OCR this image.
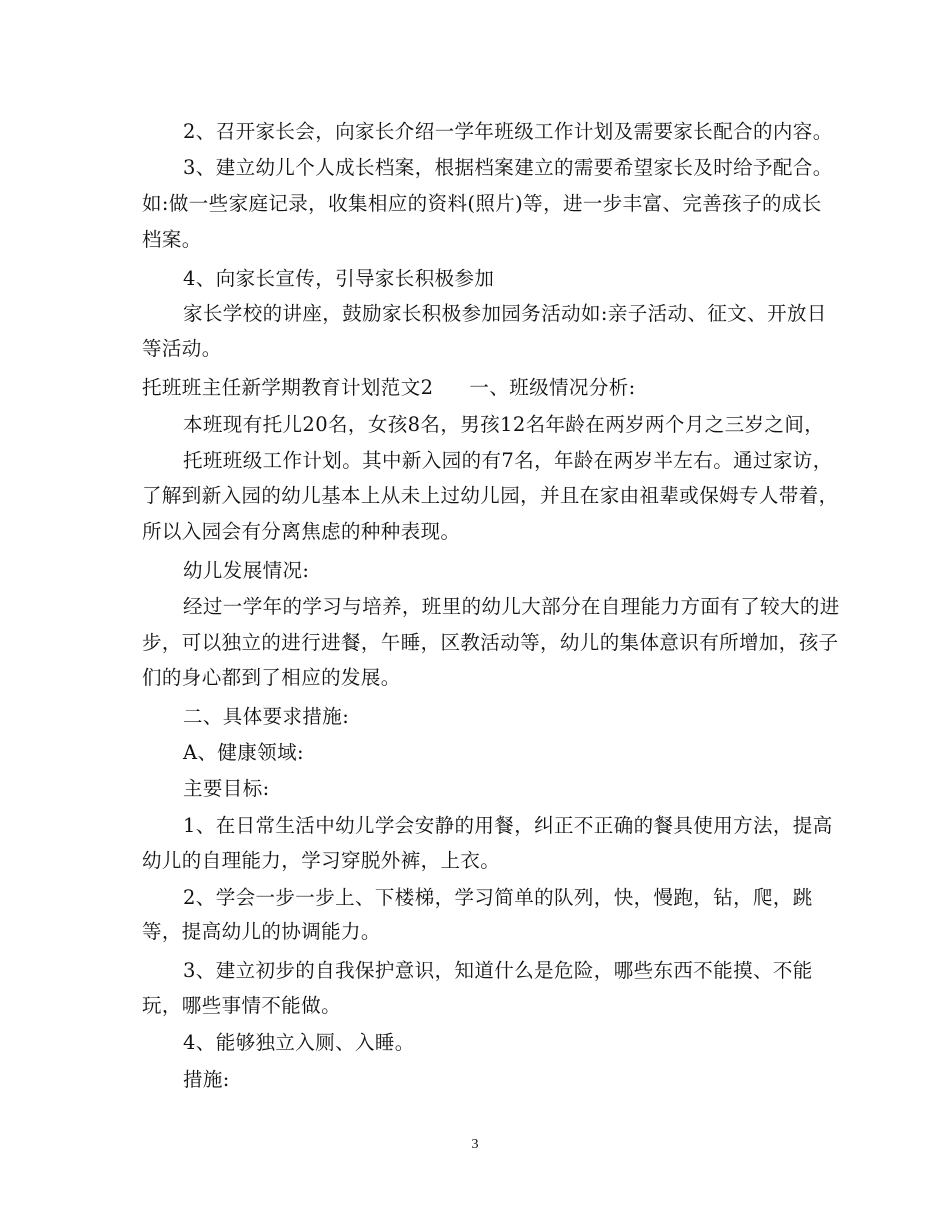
2、召开家长会，向家长介绍一学年班级工作计划及需要家长配合的内容。
3、建立幼儿个人成长档案，根据档案建立的需要希望家长及时给予配合。
如:做一些家庭记录，收集相应的资料(照片)等，进一步丰富、完善孩子的成长
档案。
4、向家长宣传，引导家长积极参加
家长学校的讲座，鼓励家长积极参加园务活动如:亲子活动、征文、开放日
等活动。
托班班主任新学期教育计划范文2 一、班级情况分析:
本班现有托儿20名，女孩8名，男孩12名年龄在两岁两个月之三岁之间，
托班班级工作计划。其中新入园的有7名，年龄在两岁半左右。通过家访，
了解到新入园的幼儿基本上从未上过幼儿园，并且在家由祖辈或保姆专人带着，
所以入园会有分离焦虑的种种表现。
幼儿发展情况:
经过一学年的学习与培养，班里的幼儿大部分在自理能力方面有了较大的进
步，可以独立的进行进餐，午睡，区教活动等，幼儿的集体意识有所增加，孩子
们的身心都到了相应的发展。
二、具体要求措施:
A、健康领域:
主要目标:
1、在日常生活中幼儿学会安静的用餐，纠正不正确的餐具使用方法，提高
幼儿的自理能力，学习穿脱外裤，上衣。
2、学会一步一步上、下楼梯，学习简单的队列，快，慢跑，钻，爬，跳
等，提高幼儿的协调能力。
3、建立初步的自我保护意识，知道什么是危险，哪些东西不能摸、不能
玩，哪些事情不能做。
4、能够独立入厕、入睡。
措施:
3
